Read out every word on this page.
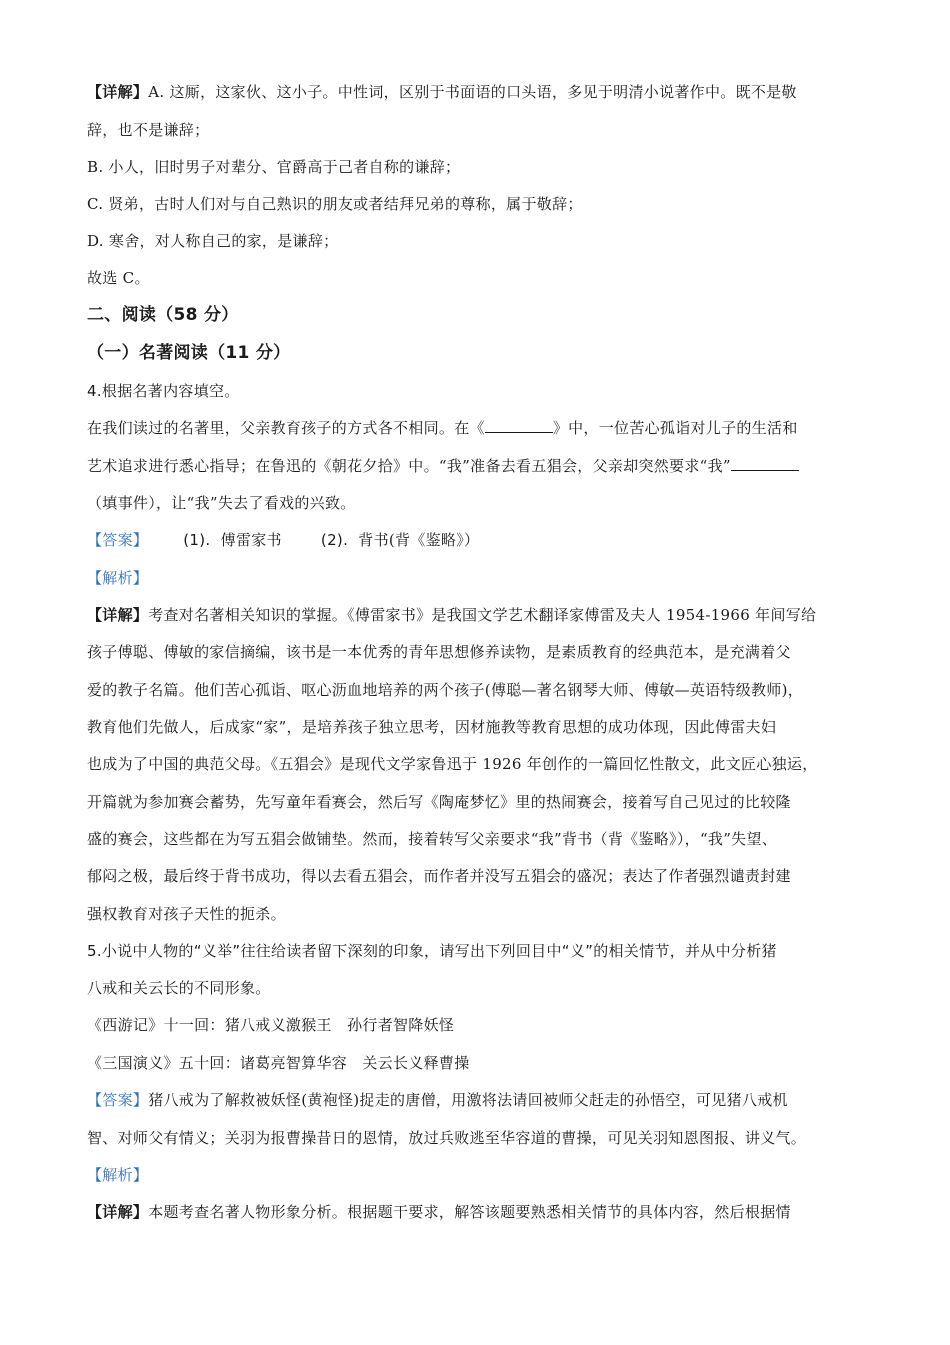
【详解】A. 这厮，这家伙、这小子。中性词，区别于书面语的口头语，多见于明清小说著作中。既不是敬
辞，也不是谦辞；
B. 小人，旧时男子对辈分、官爵高于己者自称的谦辞；
C. 贤弟，古时人们对与自己熟识的朋友或者结拜兄弟的尊称，属于敬辞；
D. 寒舍，对人称自己的家，是谦辞；
故选 C。
二、阅读（58 分）
（一）名著阅读（11 分）
4.根据名著内容填空。
在我们读过的名著里，父亲教育孩子的方式各不相同。在《	》中，一位苦心孤诣对儿子的生活和
艺术追求进行悉心指导；在鲁迅的《朝花夕拾》中。“我”准备去看五猖会，父亲却突然要求“我”
（填事件），让“我”失去了看戏的兴致。
【答案】 (1). 傅雷家书	(2). 背书(背《鉴略》）
【解析】
【详解】考查对名著相关知识的掌握。《傅雷家书》是我国文学艺术翻译家傅雷及夫人 1954-1966 年间写给
孩子傅聪、傅敏的家信摘编，该书是一本优秀的青年思想修养读物，是素质教育的经典范本，是充满着父
爱的教子名篇。他们苦心孤诣、呕心沥血地培养的两个孩子(傅聪—著名钢琴大师、傅敏—英语特级教师)，
教育他们先做人，后成家“家”，是培养孩子独立思考，因材施教等教育思想的成功体现，因此傅雷夫妇
也成为了中国的典范父母。《五猖会》是现代文学家鲁迅于 1926 年创作的一篇回忆性散文，此文匠心独运，
开篇就为参加赛会蓄势，先写童年看赛会，然后写《陶庵梦忆》里的热闹赛会，接着写自己见过的比较隆
盛的赛会，这些都在为写五猖会做铺垫。然而，接着转写父亲要求“我”背书（背《鉴略》），“我”失望、
郁闷之极，最后终于背书成功，得以去看五猖会，而作者并没写五猖会的盛况；表达了作者强烈谴责封建
强权教育对孩子天性的扼杀。
5.小说中人物的“义举”往往给读者留下深刻的印象，请写出下列回目中“义”的相关情节，并从中分析猪
八戒和关云长的不同形象。
《西游记》十一回：猪八戒义激猴王　孙行者智降妖怪
《三国演义》五十回：诸葛亮智算华容　关云长义释曹操
【答案】猪八戒为了解救被妖怪(黄袍怪)捉走的唐僧，用激将法请回被师父赶走的孙悟空，可见猪八戒机
智、对师父有情义；关羽为报曹操昔日的恩情，放过兵败逃至华容道的曹操，可见关羽知恩图报、讲义气。
【解析】
【详解】本题考查名著人物形象分析。根据题干要求，解答该题要熟悉相关情节的具体内容，然后根据情
